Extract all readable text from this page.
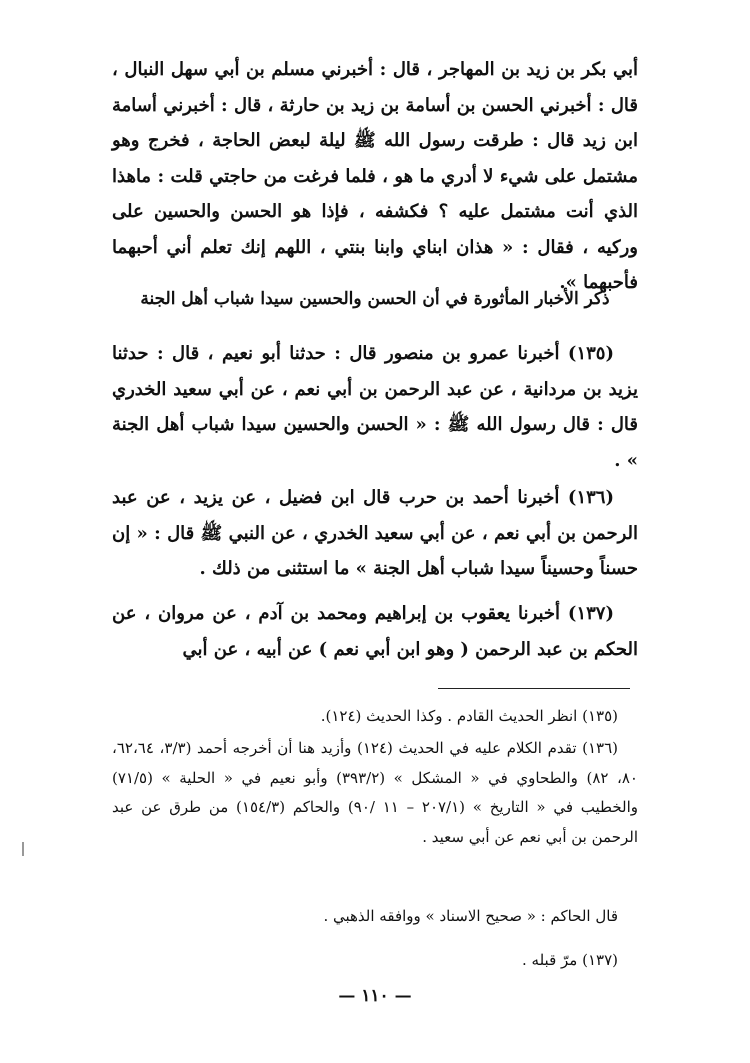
أبي بكر بن زيد بن المهاجر ، قال : أخبرني مسلم بن أبي سهل النبال ، قال : أخبرني الحسن بن أسامة بن زيد بن حارثة ، قال : أخبرني أسامة ابن زيد قال : طرقت رسول الله ﷺ ليلة لبعض الحاجة ، فخرج وهو مشتمل على شيء لا أدري ما هو ، فلما فرغت من حاجتي قلت : ماهذا الذي أنت مشتمل عليه ؟ فكشفه ، فإذا هو الحسن والحسين على وركيه ، فقال : « هذان ابناي وابنا بنتي ، اللهم إنك تعلم أني أحبهما فأحبهما ».

ذكر الأخبار المأثورة في أن الحسن والحسين سيدا شباب أهل الجنة

(١٣٥) أخبرنا عمرو بن منصور قال : حدثنا أبو نعيم ، قال : حدثنا يزيد بن مردانية ، عن عبد الرحمن بن أبي نعم ، عن أبي سعيد الخدري قال : قال رسول الله ﷺ : « الحسن والحسين سيدا شباب أهل الجنة » .

(١٣٦) أخبرنا أحمد بن حرب قال ابن فضيل ، عن يزيد ، عن عبد الرحمن بن أبي نعم ، عن أبي سعيد الخدري ، عن النبي ﷺ قال : « إن حسناً وحسيناً سيدا شباب أهل الجنة » ما استثنى من ذلك .

(١٣٧) أخبرنا يعقوب بن إبراهيم ومحمد بن آدم ، عن مروان ، عن الحكم بن عبد الرحمن ( وهو ابن أبي نعم ) عن أبيه ، عن أبي

(١٣٥) انظر الحديث القادم . وكذا الحديث (١٢٤).

(١٣٦) تقدم الكلام عليه في الحديث (١٢٤) وأزيد هنا أن أخرجه أحمد (٣/٣، ٦٢،٦٤، ٨٠، ٨٢) والطحاوي في « المشكل » (٣٩٣/٢) وأبو نعيم في « الحلية » (٧١/٥) والخطيب في « التاريخ » (٢٠٧/١ – ١١ /٩٠) والحاكم (١٥٤/٣) من طرق عن عبد الرحمن بن أبي نعم عن أبي سعيد .

قال الحاكم : « صحيح الاسناد » ووافقه الذهبي .

(١٣٧) مرّ قبله .

— ١١٠ —
